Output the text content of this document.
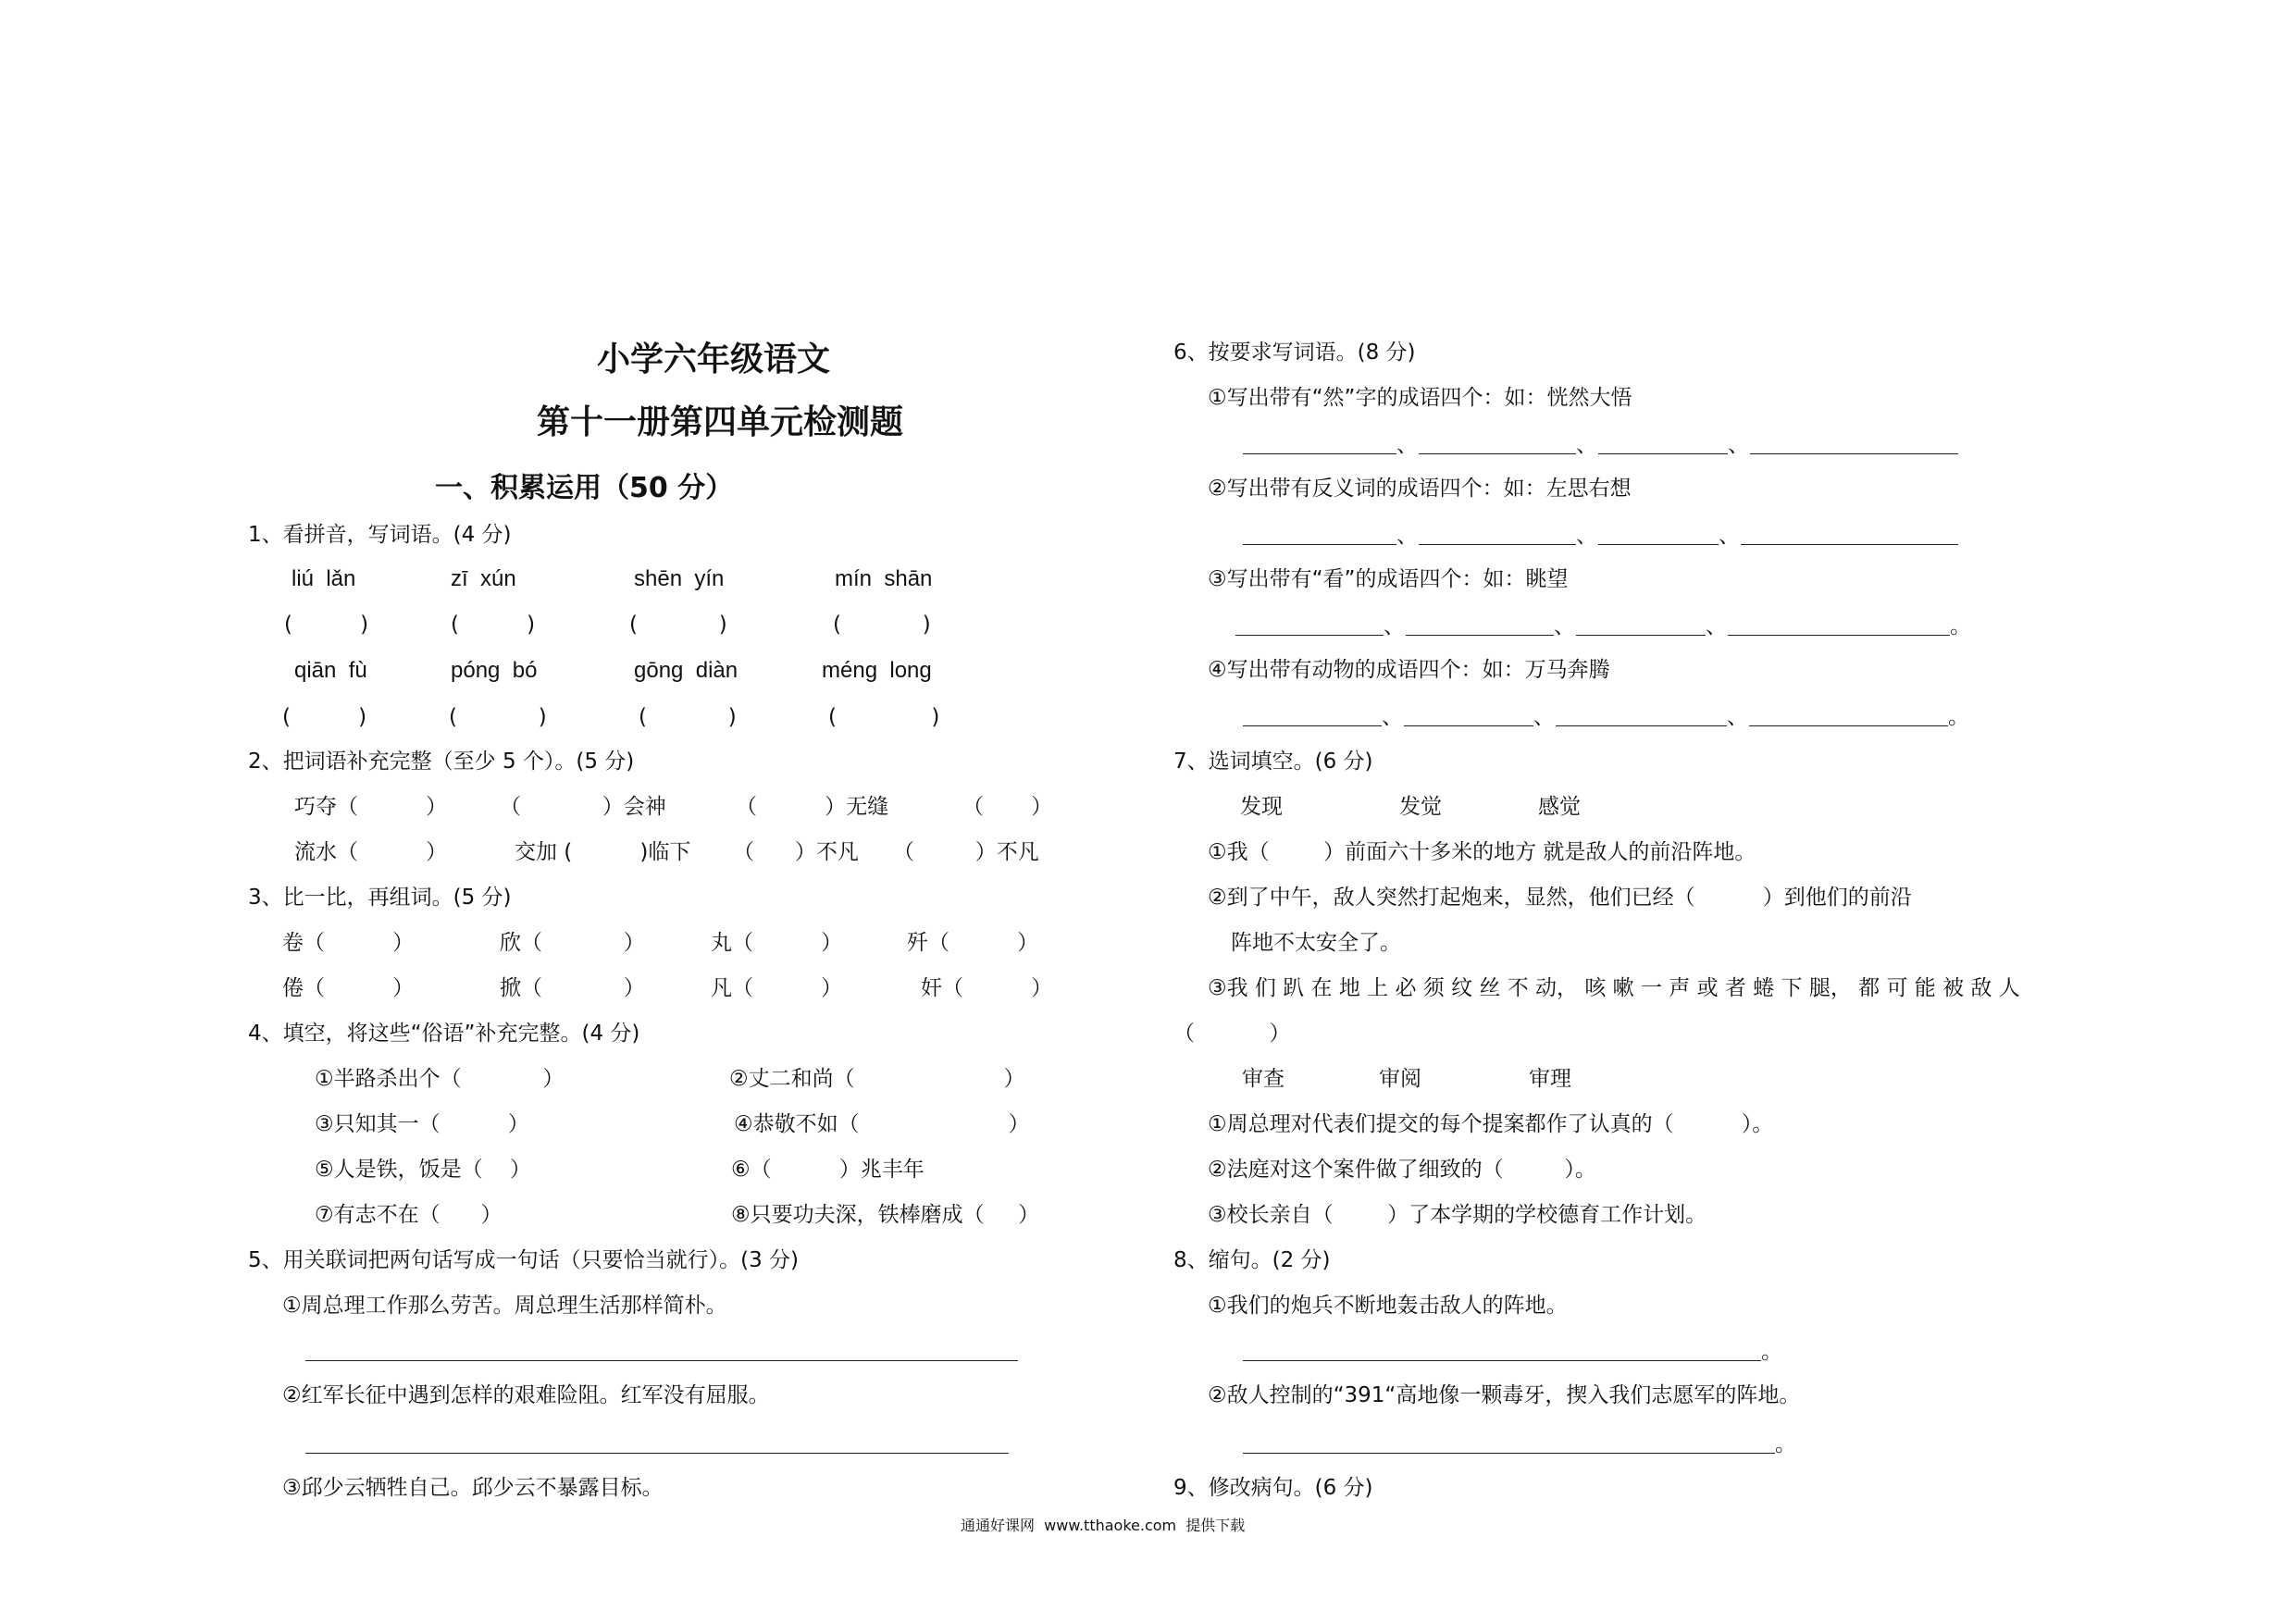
小学六年级语文
第十一册第四单元检测题
一、积累运用（50 分）
1、看拼音，写词语。(4 分)
liú  lǎn	zī  xún	shēn  yín	mín  shān
(          )	(          )	(            )	(            )
qiān  fù	póng  bó	gōng  diàn	méng  long
(          )	(            )	(            )	(              )
2、把词语补充完整（至少 5 个）。(5 分)
巧夺（          ） （            ）会神	（          ）无缝	（       ）
流水（          ）	交加 (          )临下 （      ）不凡 （         ）不凡
3、比一比，再组词。(5 分)
卷（          ）	欣（            ）	丸（          ）	歼（          ）
倦（          ）	掀（            ）	凡（          ）	奸（          ）
4、填空，将这些“俗语”补充完整。(4 分)
①半路杀出个（            ）	②丈二和尚（                      ）
③只知其一（          ）	④恭敬不如（                      ）
⑤人是铁，饭是（    ）	⑥（          ）兆丰年
⑦有志不在（      ）	⑧只要功夫深，铁棒磨成（     ）
5、用关联词把两句话写成一句话（只要恰当就行）。(3 分)
①周总理工作那么劳苦。周总理生活那样简朴。
②红军长征中遇到怎样的艰难险阻。红军没有屈服。
③邱少云牺牲自己。邱少云不暴露目标。
6、按要求写词语。(8 分)
①写出带有“然”字的成语四个：如：恍然大悟
、	、	、
②写出带有反义词的成语四个：如：左思右想
、	、	、
③写出带有“看”的成语四个：如：眺望
、	、	、	。
④写出带有动物的成语四个：如：万马奔腾
、	、	、	。
7、选词填空。(6 分)
发现	发觉	感觉
①我（        ）前面六十多米的地方 就是敌人的前沿阵地。
②到了中午，敌人突然打起炮来，显然，他们已经（          ）到他们的前沿
阵地不太安全了。
③我 们 趴 在 地 上 必 须 纹 丝 不 动， 咳 嗽 一 声 或 者 蜷 下 腿， 都 可 能 被 敌 人
（           ）
审查	审阅	审理
①周总理对代表们提交的每个提案都作了认真的（          ）。
②法庭对这个案件做了细致的（         ）。
③校长亲自（        ）了本学期的学校德育工作计划。
8、缩句。(2 分)
①我们的炮兵不断地轰击敌人的阵地。
。
②敌人控制的“391“高地像一颗毒牙，揳入我们志愿军的阵地。
。
9、修改病句。(6 分)
通通好课网  www.tthaoke.com  提供下载
